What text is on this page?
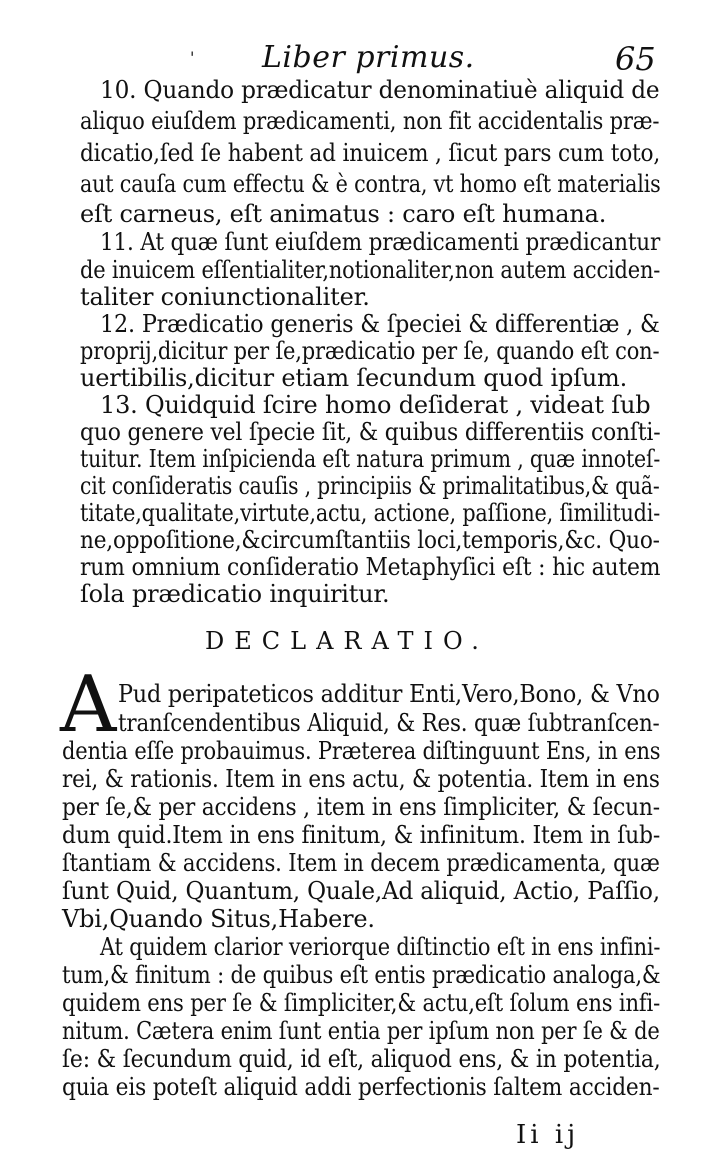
' Liber primus.	65
10. Quando prædicatur denominatiuè aliquid de
aliquo eiuſdem prædicamenti, non fit accidentalis præ-
dicatio,ſed ſe habent ad inuicem , ſicut pars cum toto,
aut cauſa cum effectu & è contra, vt homo eſt materialis
eſt carneus, eſt animatus : caro eſt humana.
11. At quæ ſunt eiuſdem prædicamenti prædicantur
de inuicem eſſentialiter,notionaliter,non autem acciden-
taliter coniunctionaliter.
12. Prædicatio generis & ſpeciei & differentiæ , &
proprij,dicitur per ſe,prædicatio per ſe, quando eſt con-
uertibilis,dicitur etiam ſecundum quod ipſum.
13. Quidquid ſcire homo deſiderat , videat ſub
quo genere vel ſpecie ſit, & quibus differentiis conſti-
tuitur. Item inſpicienda eſt natura primum , quæ innoteſ-
cit conſideratis cauſis , principiis & primalitatibus,& quã-
titate,qualitate,virtute,actu, actione, paſſione, ſimilitudi-
ne,oppoſitione,&circumſtantiis loci,temporis,&c. Quo-
rum omnium conſideratio Metaphyſici eſt : hic autem
ſola prædicatio inquiritur.
DECLARATIO.
A Pud peripateticos additur Enti,Vero,Bono, & Vno
tranſcendentibus Aliquid, & Res. quæ ſubtranſcen-
dentia eſſe probauimus. Præterea diſtinguunt Ens, in ens
rei, & rationis. Item in ens actu, & potentia. Item in ens
per ſe,& per accidens , item in ens ſimpliciter, & ſecun-
dum quid.Item in ens finitum, & infinitum. Item in ſub-
ſtantiam & accidens. Item in decem prædicamenta, quæ
ſunt Quid, Quantum, Quale,Ad aliquid, Actio, Paſſio,
Vbi,Quando Situs,Habere.
At quidem clarior veriorque diſtinctio eſt in ens infini-
tum,& finitum : de quibus eſt entis prædicatio analoga,&
quidem ens per ſe & ſimpliciter,& actu,eſt ſolum ens infi-
nitum. Cætera enim ſunt entia per ipſum non per ſe & de
ſe: & ſecundum quid, id eſt, aliquod ens, & in potentia,
quia eis poteſt aliquid addi perfectionis ſaltem acciden-
Ii ij
